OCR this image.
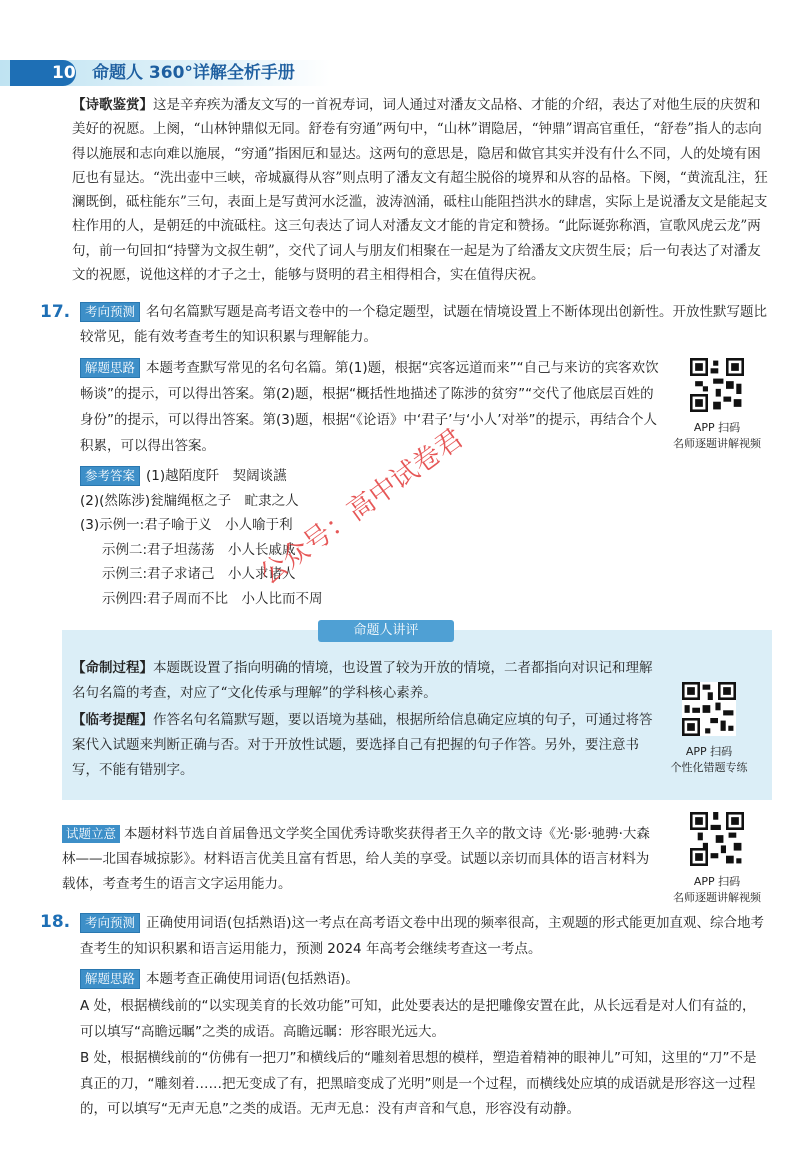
10 命题人 360°详解全析手册
【诗歌鉴赏】这是辛弃疾为潘友文写的一首祝寿词，词人通过对潘友文品格、才能的介绍，表达了对他生辰的庆贺和美好的祝愿。上阕，“山林钟鼎似无同。舒卷有穷通”两句中，“山林”谓隐居，“钟鼎”谓高官重任，“舒卷”指人的志向得以施展和志向难以施展，“穷通”指困厄和显达。这两句的意思是，隐居和做官其实并没有什么不同，人的处境有困厄也有显达。“洗出壶中三峡，帝城嬴得从容”则点明了潘友文有超尘脱俗的境界和从容的品格。下阕，“黄流乱注，狂澜既倒，砥柱能东”三句，表面上是写黄河水泛滥，波涛汹涌，砥柱山能阻挡洪水的肆虐，实际上是说潘友文是能起支柱作用的人，是朝廷的中流砥柱。这三句表达了词人对潘友文才能的肯定和赞扬。“此际诞弥称酒，宣歌风虎云龙”两句，前一句回扣“持譬为文叔生朝”，交代了词人与朋友们相聚在一起是为了给潘友文庆贺生辰；后一句表达了对潘友文的祝愿，说他这样的才子之士，能够与贤明的君主相得相合，实在值得庆祝。
17.	考向预测 名句名篇默写题是高考语文卷中的一个稳定题型，试题在情境设置上不断体现出创新性。开放性默写题比较常见，能有效考查考生的知识积累与理解能力。
解题思路 本题考查默写常见的名句名篇。第(1)题，根据“宾客远道而来”“自己与来访的宾客欢饮畅谈”的提示，可以得出答案。第(2)题，根据“概括性地描述了陈涉的贫穷”“交代了他底层百姓的身份”的提示，可以得出答案。第(3)题，根据“《论语》中‘君子’与‘小人’对举”的提示，再结合个人积累，可以得出答案。
APP 扫码
名师逐题讲解视频
参考答案 (1)越陌度阡　契阔谈讌
(2)(然陈涉)瓮牖绳枢之子　甿隶之人
(3)示例一:君子喻于义　小人喻于利
示例二:君子坦荡荡　小人长戚戚
示例三:君子求诸己　小人求诸人
示例四:君子周而不比　小人比而不周
命题人讲评
【命制过程】本题既设置了指向明确的情境，也设置了较为开放的情境，二者都指向对识记和理解名句名篇的考查，对应了“文化传承与理解”的学科核心素养。
【临考提醒】作答名句名篇默写题，要以语境为基础，根据所给信息确定应填的句子，可通过将答案代入试题来判断正确与否。对于开放性试题，要选择自己有把握的句子作答。另外，要注意书写，不能有错别字。
APP 扫码
个性化错题专练
试题立意 本题材料节选自首届鲁迅文学奖全国优秀诗歌奖获得者王久辛的散文诗《光·影·驰骋·大森林——北国春城掠影》。材料语言优美且富有哲思，给人美的享受。试题以亲切而具体的语言材料为载体，考查考生的语言文字运用能力。	APP 扫码
名师逐题讲解视频
18.	考向预测 正确使用词语(包括熟语)这一考点在高考语文卷中出现的频率很高，主观题的形式能更加直观、综合地考查考生的知识积累和语言运用能力，预测 2024 年高考会继续考查这一考点。
解题思路 本题考查正确使用词语(包括熟语)。
A 处，根据横线前的“以实现美育的长效功能”可知，此处要表达的是把雕像安置在此，从长远看是对人们有益的，可以填写“高瞻远瞩”之类的成语。高瞻远瞩：形容眼光远大。
B 处，根据横线前的“仿佛有一把刀”和横线后的“雕刻着思想的模样，塑造着精神的眼神儿”可知，这里的“刀”不是真正的刀，“雕刻着……把无变成了有，把黑暗变成了光明”则是一个过程，而横线处应填的成语就是形容这一过程的，可以填写“无声无息”之类的成语。无声无息：没有声音和气息，形容没有动静。
公众号：高中试卷君
